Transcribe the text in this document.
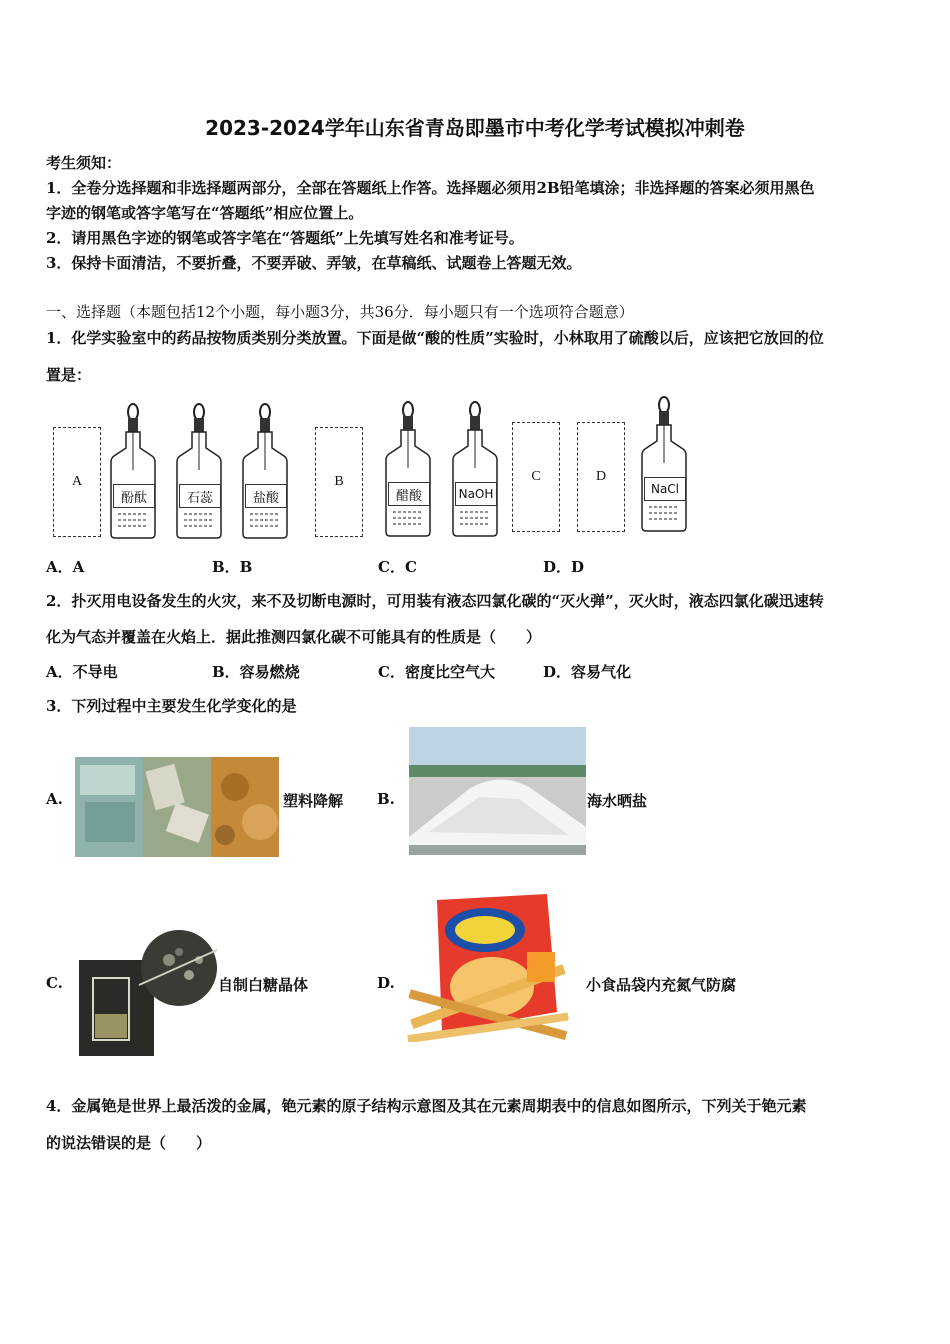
2023-2024学年山东省青岛即墨市中考化学考试模拟冲刺卷
考生须知：
1．全卷分选择题和非选择题两部分，全部在答题纸上作答。选择题必须用2B铅笔填涂；非选择题的答案必须用黑色
字迹的钢笔或答字笔写在“答题纸”相应位置上。
2．请用黑色字迹的钢笔或答字笔在“答题纸”上先填写姓名和准考证号。
3．保持卡面清洁，不要折叠，不要弄破、弄皱，在草稿纸、试题卷上答题无效。
一、选择题（本题包括12个小题，每小题3分，共36分．每小题只有一个选项符合题意）
1．化学实验室中的药品按物质类别分类放置。下面是做“酸的性质”实验时，小林取用了硫酸以后，应该把它放回的位
置是：
A
酚酞	石蕊	盐酸
B
醋酸	NaOH
C	D
NaCl
A．A	B．B	C．C	D．D
2．扑灭用电设备发生的火灾，来不及切断电源时，可用装有液态四氯化碳的“灭火弹”，灭火时，液态四氯化碳迅速转
化为气态并覆盖在火焰上．据此推测四氯化碳不可能具有的性质是（　　）
A．不导电	B．容易燃烧	C．密度比空气大	D．容易气化
3．下列过程中主要发生化学变化的是
A.	塑料降解 B.	海水晒盐
C.	自制白糖晶体	D.	小食品袋内充氮气防腐
4．金属铯是世界上最活泼的金属，铯元素的原子结构示意图及其在元素周期表中的信息如图所示，下列关于铯元素
的说法错误的是（　　）
